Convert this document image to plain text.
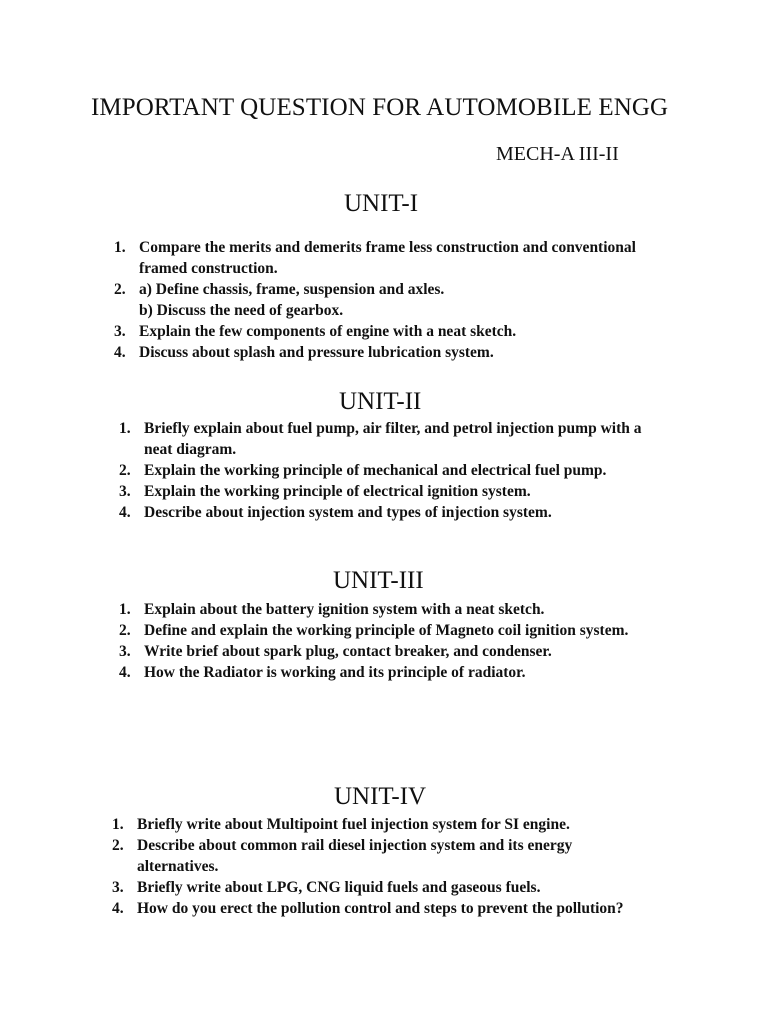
IMPORTANT QUESTION FOR AUTOMOBILE ENGG
MECH-A III-II
UNIT-I
1. Compare the merits and demerits frame less construction and conventional
framed construction.
2. a) Define chassis, frame, suspension and axles.
b) Discuss the need of gearbox.
3. Explain the few components of engine with a neat sketch.
4. Discuss about splash and pressure lubrication system.
UNIT-II
1. Briefly explain about fuel pump, air filter, and petrol injection pump with a
neat diagram.
2. Explain the working principle of mechanical and electrical fuel pump.
3. Explain the working principle of electrical ignition system.
4. Describe about injection system and types of injection system.
UNIT-III
1. Explain about the battery ignition system with a neat sketch.
2. Define and explain the working principle of Magneto coil ignition system.
3. Write brief about spark plug, contact breaker, and condenser.
4. How the Radiator is working and its principle of radiator.
UNIT-IV
1. Briefly write about Multipoint fuel injection system for SI engine.
2. Describe about common rail diesel injection system and its energy
alternatives.
3. Briefly write about LPG, CNG liquid fuels and gaseous fuels.
4. How do you erect the pollution control and steps to prevent the pollution?
